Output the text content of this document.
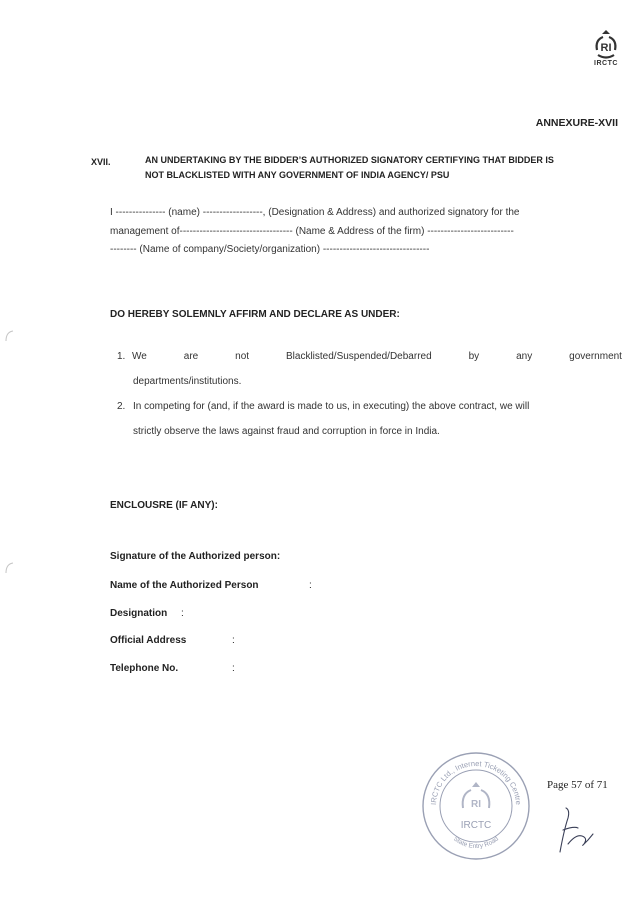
RI
IRCTC
ANNEXURE-XVII
XVII.	AN UNDERTAKING BY THE BIDDER’S AUTHORIZED SIGNATORY CERTIFYING THAT BIDDER IS
NOT BLACKLISTED WITH ANY GOVERNMENT OF INDIA AGENCY/ PSU
I --------------- (name) ------------------, (Designation & Address) and authorized signatory for the
management of---------------------------------- (Name & Address of the firm) --------------------------
-------- (Name of company/Society/organization) --------------------------------
DO HEREBY SOLEMNLY AFFIRM AND DECLARE AS UNDER:
1. We	are	not	Blacklisted/Suspended/Debarred	by	any	government
departments/institutions.
2. In competing for (and, if the award is made to us, in executing) the above contract, we will
strictly observe the laws against fraud and corruption in force in India.
ENCLOUSRE (IF ANY):
Signature of the Authorized person:
Name of the Authorized Person	:
Designation :
Official Address	:
Telephone No.	:
Page 57 of 71
IRCTC Ltd., Internet Ticketing Centre
State Entry Road
RI
IRCTC
